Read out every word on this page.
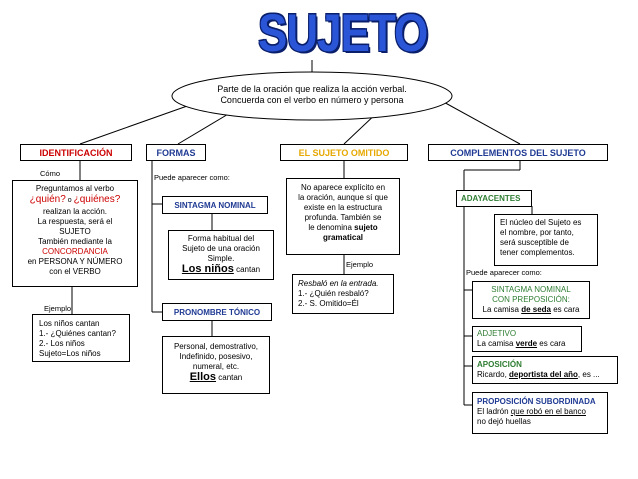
SUJETO
Parte de la oración que realiza la acción verbal.
Concuerda con el verbo en número y persona
IDENTIFICACIÓN	FORMAS	EL SUJETO OMITIDO	COMPLEMENTOS DEL SUJETO
Cómo
Preguntamos al verbo
¿quién? o ¿quiénes?
realizan la acción.
La respuesta, será el
SUJETO
También mediante la
CONCORDANCIA
en PERSONA Y NÚMERO
con el VERBO
Ejemplo
Los niños cantan
1.- ¿Quiénes cantan?
2.- Los niños
Sujeto=Los niños
Puede aparecer como:
SINTAGMA NOMINAL
Forma habitual del
Sujeto de una oración
Simple.
Los niños cantan
PRONOMBRE TÓNICO
Personal, demostrativo,
Indefinido, posesivo,
numeral, etc.
Ellos cantan
No aparece explícito en
la oración, aunque sí que
existe en la estructura
profunda. También se
le denomina sujeto
gramatical
Ejemplo
Resbaló en la entrada.
1.- ¿Quién resbaló?
2.- S. Omitido=Él
ADAYACENTES
El núcleo del Sujeto es
el nombre, por tanto,
será susceptible de
tener complementos.
Puede aparecer como:
SINTAGMA NOMINAL
CON PREPOSICIÓN:
La camisa de seda es cara
ADJETIVO
La camisa verde es cara
APOSICIÓN
Ricardo, deportista del año, es ...
PROPOSICIÓN SUBORDINADA
El ladrón que robó en el banco
no dejó huellas
